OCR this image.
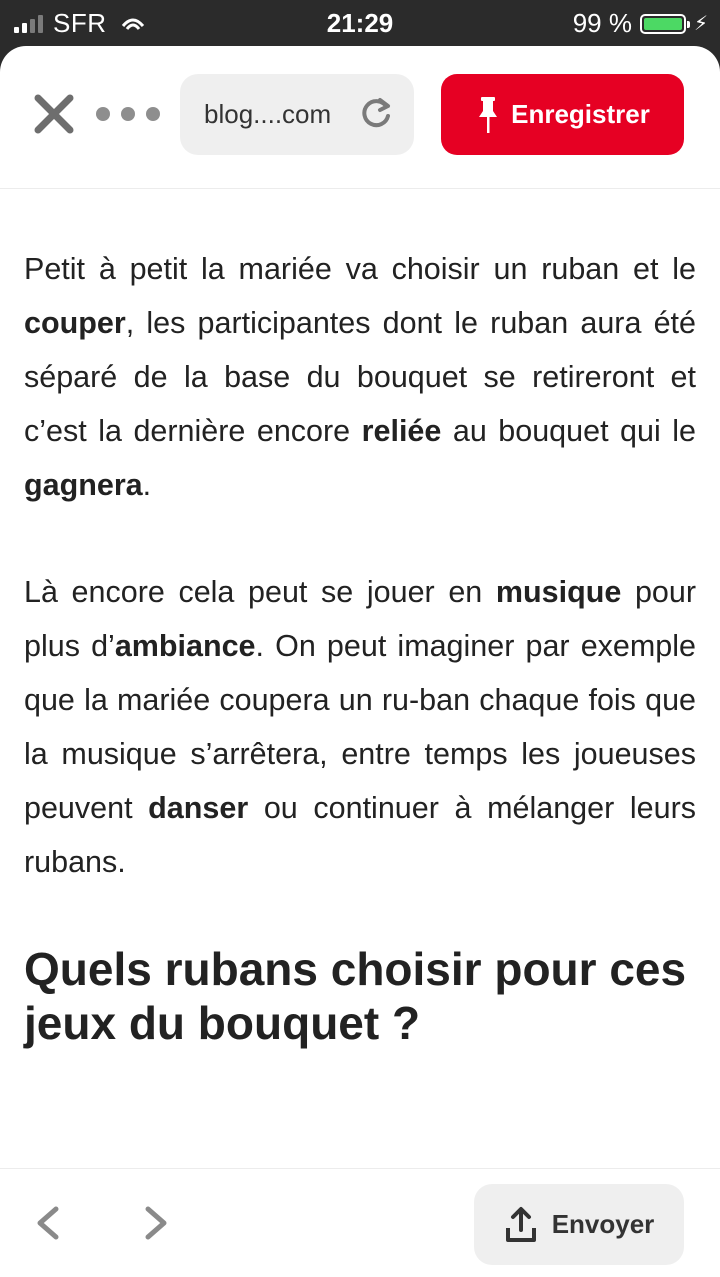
SFR	21:29	99 %	⚡
blog....com	Enregistrer

Petit à petit la mariée va choisir un ruban et le couper, les participantes dont le ruban aura été séparé de la base du bouquet se retireront et c’est la dernière encore reliée au bouquet qui le gagnera.

Là encore cela peut se jouer en musique pour plus d’ambiance. On peut imaginer par exemple que la mariée coupera un ru-ban chaque fois que la musique s’arrêtera, entre temps les joueuses peuvent danser ou continuer à mélanger leurs rubans.

Quels rubans choisir pour ces jeux du bouquet ?
Envoyer
